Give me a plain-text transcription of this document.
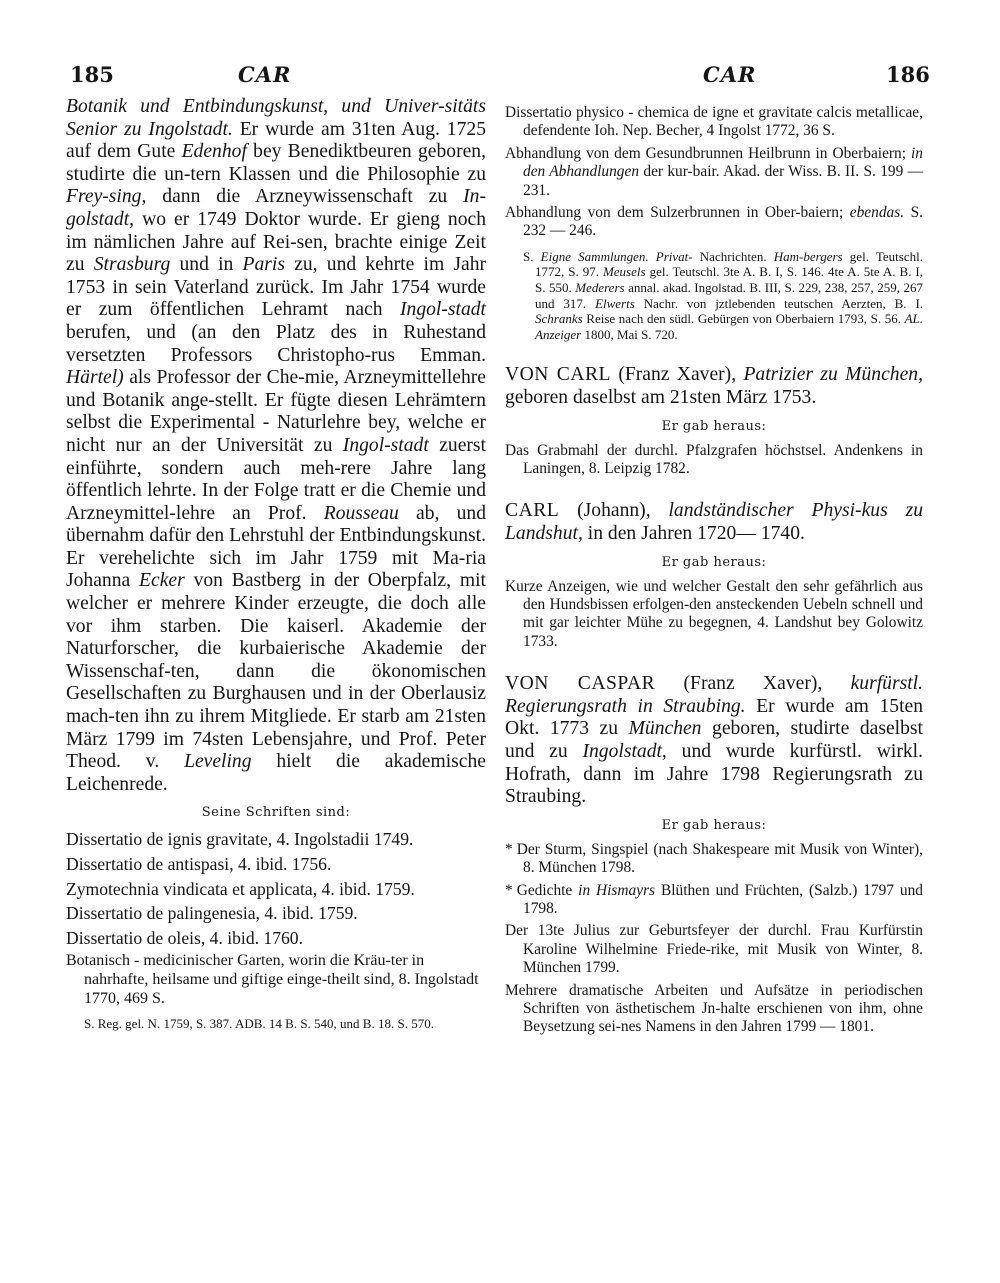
185	CAR	CAR	186

Botanik und Entbindungskunst, und Univer-sitäts Senior zu Ingolstadt. Er wurde am 31ten Aug. 1725 auf dem Gute Edenhof bey Benediktbeuren geboren, studirte die un-tern Klassen und die Philosophie zu Frey-sing, dann die Arzneywissenschaft zu In-golstadt, wo er 1749 Doktor wurde. Er gieng noch im nämlichen Jahre auf Rei-sen, brachte einige Zeit zu Strasburg und in Paris zu, und kehrte im Jahr 1753 in sein Vaterland zurück. Im Jahr 1754 wurde er zum öffentlichen Lehramt nach Ingol-stadt berufen, und (an den Platz des in Ruhestand versetzten Professors Christopho-rus Emman. Härtel) als Professor der Che-mie, Arzneymittellehre und Botanik ange-stellt. Er fügte diesen Lehrämtern selbst die Experimental - Naturlehre bey, welche er nicht nur an der Universität zu Ingol-stadt zuerst einführte, sondern auch meh-rere Jahre lang öffentlich lehrte. In der Folge tratt er die Chemie und Arzneymittel-lehre an Prof. Rousseau ab, und übernahm dafür den Lehrstuhl der Entbindungskunst. Er verehelichte sich im Jahr 1759 mit Ma-ria Johanna Ecker von Bastberg in der Oberpfalz, mit welcher er mehrere Kinder erzeugte, die doch alle vor ihm starben. Die kaiserl. Akademie der Naturforscher, die kurbaierische Akademie der Wissenschaf-ten, dann die ökonomischen Gesellschaften zu Burghausen und in der Oberlausiz mach-ten ihn zu ihrem Mitgliede. Er starb am 21sten März 1799 im 74sten Lebensjahre, und Prof. Peter Theod. v. Leveling hielt die akademische Leichenrede.

Seine Schriften sind:

Dissertatio de ignis gravitate, 4. Ingolstadii 1749.

Dissertatio de antispasi, 4. ibid. 1756.

Zymotechnia vindicata et applicata, 4. ibid. 1759.

Dissertatio de palingenesia, 4. ibid. 1759.

Dissertatio de oleis, 4. ibid. 1760.

Botanisch - medicinischer Garten, worin die Kräu-ter in nahrhafte, heilsame und giftige einge-theilt sind, 8. Ingolstadt 1770, 469 S.

S. Reg. gel. N. 1759, S. 387. ADB. 14 B. S. 540, und B. 18. S. 570.

Dissertatio physico - chemica de igne et gravitate calcis metallicae, defendente Ioh. Nep. Becher, 4 Ingolst 1772, 36 S.

Abhandlung von dem Gesundbrunnen Heilbrunn in Oberbaiern; in den Abhandlungen der kur-bair. Akad. der Wiss. B. II. S. 199 — 231.

Abhandlung von dem Sulzerbrunnen in Ober-baiern; ebendas. S. 232 — 246.

S. Eigne Sammlungen. Privat- Nachrichten. Ham-bergers gel. Teutschl. 1772, S. 97. Meusels gel. Teutschl. 3te A. B. I, S. 146. 4te A. 5te A. B. I, S. 550. Mederers annal. akad. Ingolstad. B. III, S. 229, 238, 257, 259, 267 und 317. Elwerts Nachr. von jztlebenden teutschen Aerzten, B. I. Schranks Reise nach den südl. Gebürgen von Oberbaiern 1793, S. 56. AL. Anzeiger 1800, Mai S. 720.

VON CARL (Franz Xaver), Patrizier zu München, geboren daselbst am 21sten März 1753.

Er gab heraus:

Das Grabmahl der durchl. Pfalzgrafen höchstsel. Andenkens in Laningen, 8. Leipzig 1782.

CARL (Johann), landständischer Physi-kus zu Landshut, in den Jahren 1720— 1740.

Er gab heraus:

Kurze Anzeigen, wie und welcher Gestalt den sehr gefährlich aus den Hundsbissen erfolgen-den ansteckenden Uebeln schnell und mit gar leichter Mühe zu begegnen, 4. Landshut bey Golowitz 1733.

VON CASPAR (Franz Xaver), kurfürstl. Regierungsrath in Straubing. Er wurde am 15ten Okt. 1773 zu München geboren, studirte daselbst und zu Ingolstadt, und wurde kurfürstl. wirkl. Hofrath, dann im Jahre 1798 Regierungsrath zu Straubing.

Er gab heraus:

* Der Sturm, Singspiel (nach Shakespeare mit Musik von Winter), 8. München 1798.

* Gedichte in Hismayrs Blüthen und Früchten, (Salzb.) 1797 und 1798.

Der 13te Julius zur Geburtsfeyer der durchl. Frau Kurfürstin Karoline Wilhelmine Friede-rike, mit Musik von Winter, 8. München 1799.

Mehrere dramatische Arbeiten und Aufsätze in periodischen Schriften von ästhetischem Jn-halte erschienen von ihm, ohne Beysetzung sei-nes Namens in den Jahren 1799 — 1801.
